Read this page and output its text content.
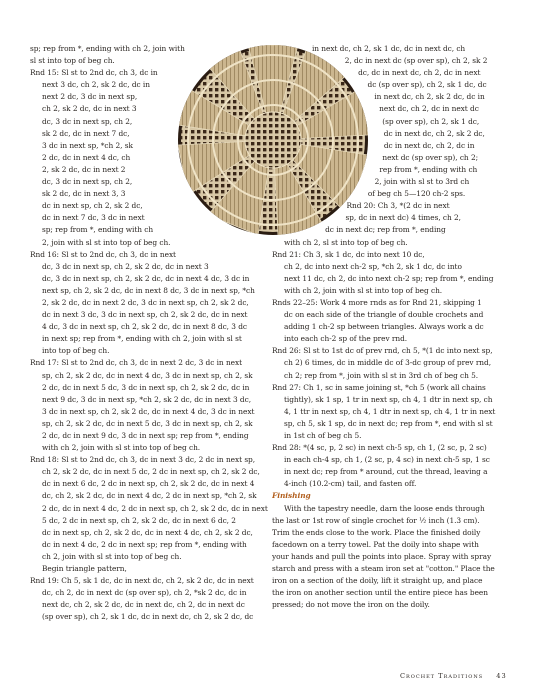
sp; rep from *, ending with ch 2, join with
sl st into top of beg ch.
Rnd 15: Sl st to 2nd dc, ch 3, dc in
next 3 dc, ch 2, sk 2 dc, dc in
next 2 dc, 3 dc in next sp,
ch 2, sk 2 dc, dc in next 3
dc, 3 dc in next sp, ch 2,
sk 2 dc, dc in next 7 dc,
3 dc in next sp, *ch 2, sk
2 dc, dc in next 4 dc, ch
2, sk 2 dc, dc in next 2
dc, 3 dc in next sp, ch 2,
sk 2 dc, dc in next 3, 3
dc in next sp, ch 2, sk 2 dc,
dc in next 7 dc, 3 dc in next
sp; rep from *, ending with ch
2, join with sl st into top of beg ch.
Rnd 16: Sl st to 2nd dc, ch 3, dc in next
dc, 3 dc in next sp, ch 2, sk 2 dc, dc in next 3
dc, 3 dc in next sp, ch 2, sk 2 dc, dc in next 4 dc, 3 dc in
next sp, ch 2, sk 2 dc, dc in next 8 dc, 3 dc in next sp, *ch
2, sk 2 dc, dc in next 2 dc, 3 dc in next sp, ch 2, sk 2 dc,
dc in next 3 dc, 3 dc in next sp, ch 2, sk 2 dc, dc in next
4 dc, 3 dc in next sp, ch 2, sk 2 dc, dc in next 8 dc, 3 dc
in next sp; rep from *, ending with ch 2, join with sl st
into top of beg ch.
Rnd 17: Sl st to 2nd dc, ch 3, dc in next 2 dc, 3 dc in next
sp, ch 2, sk 2 dc, dc in next 4 dc, 3 dc in next sp, ch 2, sk
2 dc, dc in next 5 dc, 3 dc in next sp, ch 2, sk 2 dc, dc in
next 9 dc, 3 dc in next sp, *ch 2, sk 2 dc, dc in next 3 dc,
3 dc in next sp, ch 2, sk 2 dc, dc in next 4 dc, 3 dc in next
sp, ch 2, sk 2 dc, dc in next 5 dc, 3 dc in next sp, ch 2, sk
2 dc, dc in next 9 dc, 3 dc in next sp; rep from *, ending
with ch 2, join with sl st into top of beg ch.
Rnd 18: Sl st to 2nd dc, ch 3, dc in next 3 dc, 2 dc in next sp,
ch 2, sk 2 dc, dc in next 5 dc, 2 dc in next sp, ch 2, sk 2 dc,
dc in next 6 dc, 2 dc in next sp, ch 2, sk 2 dc, dc in next 4
dc, ch 2, sk 2 dc, dc in next 4 dc, 2 dc in next sp, *ch 2, sk
2 dc, dc in next 4 dc, 2 dc in next sp, ch 2, sk 2 dc, dc in next
5 dc, 2 dc in next sp, ch 2, sk 2 dc, dc in next 6 dc, 2
dc in next sp, ch 2, sk 2 dc, dc in next 4 dc, ch 2, sk 2 dc,
dc in next 4 dc, 2 dc in next sp; rep from *, ending with
ch 2, join with sl st into top of beg ch.
Begin triangle pattern,
Rnd 19: Ch 5, sk 1 dc, dc in next dc, ch 2, sk 2 dc, dc in next
dc, ch 2, dc in next dc (sp over sp), ch 2, *sk 2 dc, dc in
next dc, ch 2, sk 2 dc, dc in next dc, ch 2, dc in next dc
(sp over sp), ch 2, sk 1 dc, dc in next dc, ch 2, sk 2 dc, dc
in next dc, ch 2, sk 1 dc, dc in next dc, ch
2, dc in next dc (sp over sp), ch 2, sk 2
dc, dc in next dc, ch 2, dc in next
dc (sp over sp), ch 2, sk 1 dc, dc
in next dc, ch 2, sk 2 dc, dc in
next dc, ch 2, dc in next dc
(sp over sp), ch 2, sk 1 dc,
dc in next dc, ch 2, sk 2 dc,
dc in next dc, ch 2, dc in
next dc (sp over sp), ch 2;
rep from *, ending with ch
2, join with sl st to 3rd ch
of beg ch 5—120 ch-2 sps.
Rnd 20: Ch 3, *(2 dc in next
sp, dc in next dc) 4 times, ch 2,
dc in next dc; rep from *, ending
with ch 2, sl st into top of beg ch.
Rnd 21: Ch 3, sk 1 dc, dc into next 10 dc,
ch 2, dc into next ch-2 sp, *ch 2, sk 1 dc, dc into
next 11 dc, ch 2, dc into next ch-2 sp; rep from *, ending
with ch 2, join with sl st into top of beg ch.
Rnds 22–25: Work 4 more rnds as for Rnd 21, skipping 1
dc on each side of the triangle of double crochets and
adding 1 ch-2 sp between triangles. Always work a dc
into each ch-2 sp of the prev rnd.
Rnd 26: Sl st to 1st dc of prev rnd, ch 5, *(1 dc into next sp,
ch 2) 6 times, dc in middle dc of 3-dc group of prev rnd,
ch 2; rep from *, join with sl st in 3rd ch of beg ch 5.
Rnd 27: Ch 1, sc in same joining st, *ch 5 (work all chains
tightly), sk 1 sp, 1 tr in next sp, ch 4, 1 dtr in next sp, ch
4, 1 ttr in next sp, ch 4, 1 dtr in next sp, ch 4, 1 tr in next
sp, ch 5, sk 1 sp, dc in next dc; rep from *, end with sl st
in 1st ch of beg ch 5.
Rnd 28: *(4 sc, p, 2 sc) in next ch-5 sp, ch 1, (2 sc, p, 2 sc)
in each ch-4 sp, ch 1, (2 sc, p, 4 sc) in next ch-5 sp, 1 sc
in next dc; rep from * around, cut the thread, leaving a
4-inch (10.2-cm) tail, and fasten off.
Finishing
With the tapestry needle, darn the loose ends through
the last or 1st row of single crochet for ½ inch (1.3 cm).
Trim the ends close to the work. Place the finished doily
facedown on a terry towel. Pat the doily into shape with
your hands and pull the points into place. Spray with spray
starch and press with a steam iron set at "cotton." Place the
iron on a section of the doily, lift it straight up, and place
the iron on another section until the entire piece has been
pressed; do not move the iron on the doily.
Crochet Traditions 43
